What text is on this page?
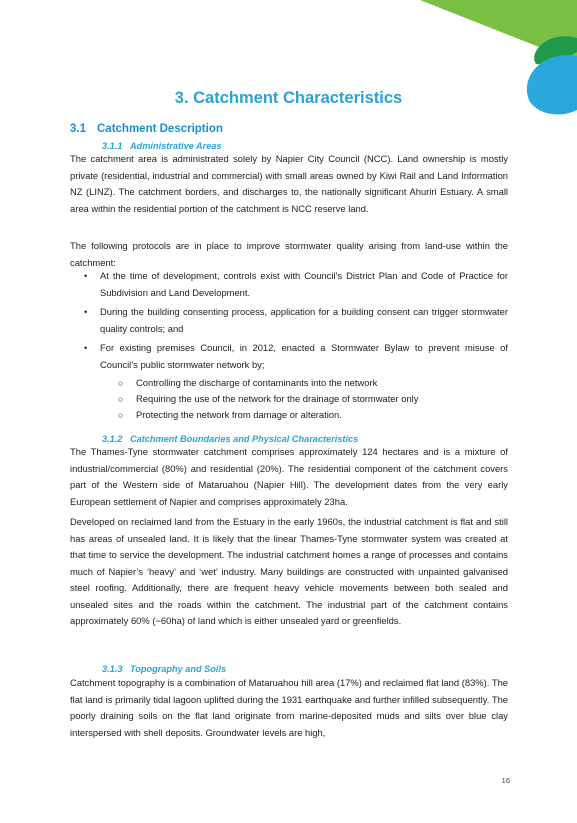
3. Catchment Characteristics
3.1 Catchment Description
3.1.1 Administrative Areas

The catchment area is administrated solely by Napier City Council (NCC). Land ownership is mostly private (residential, industrial and commercial) with small areas owned by Kiwi Rail and Land Information NZ (LINZ). The catchment borders, and discharges to, the nationally significant Ahuriri Estuary. A small area within the residential portion of the catchment is NCC reserve land.

The following protocols are in place to improve stormwater quality arising from land-use within the catchment:

• At the time of development, controls exist with Council’s District Plan and Code of Practice for Subdivision and Land Development.
• During the building consenting process, application for a building consent can trigger stormwater quality controls; and
• For existing premises Council, in 2012, enacted a Stormwater Bylaw to prevent misuse of Council’s public stormwater network by;
○ Controlling the discharge of contaminants into the network
○ Requiring the use of the network for the drainage of stormwater only
○ Protecting the network from damage or alteration.
3.1.2 Catchment Boundaries and Physical Characteristics

The Thames-Tyne stormwater catchment comprises approximately 124 hectares and is a mixture of industrial/commercial (80%) and residential (20%). The residential component of the catchment covers part of the Western side of Mataruahou (Napier Hill). The development dates from the very early European settlement of Napier and comprises approximately 23ha.

Developed on reclaimed land from the Estuary in the early 1960s, the industrial catchment is flat and still has areas of unsealed land. It is likely that the linear Thames-Tyne stormwater system was created at that time to service the development. The industrial catchment homes a range of processes and contains much of Napier’s ‘heavy’ and ‘wet’ industry. Many buildings are constructed with unpainted galvanised steel roofing. Additionally, there are frequent heavy vehicle movements between both sealed and unsealed sites and the roads within the catchment. The industrial part of the catchment contains approximately 60% (~60ha) of land which is either unsealed yard or greenfields.

3.1.3 Topography and Soils

Catchment topography is a combination of Mataruahou hill area (17%) and reclaimed flat land (83%). The flat land is primarily tidal lagoon uplifted during the 1931 earthquake and further infilled subsequently. The poorly draining soils on the flat land originate from marine-deposited muds and silts over blue clay interspersed with shell deposits. Groundwater levels are high,

16
